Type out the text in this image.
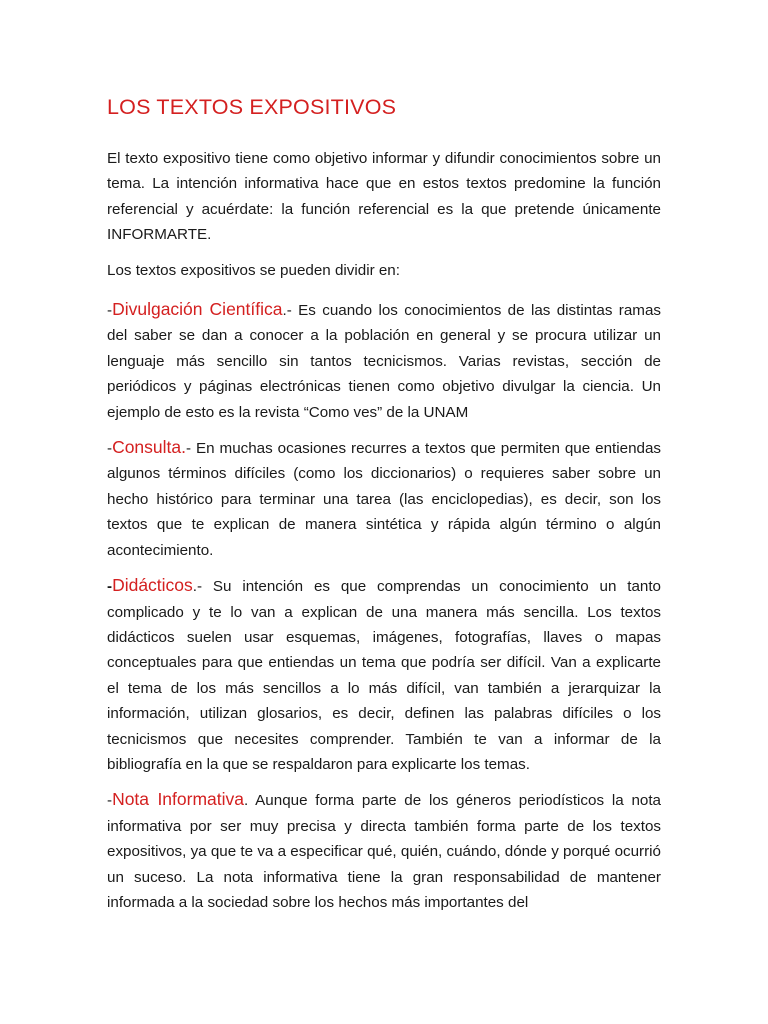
LOS TEXTOS EXPOSITIVOS

El texto expositivo tiene como objetivo informar y difundir conocimientos sobre un tema. La intención informativa hace que en estos textos predomine la función referencial y acuérdate: la función referencial es la que pretende únicamente INFORMARTE.

Los textos expositivos se pueden dividir en:

-Divulgación Científica.- Es cuando los conocimientos de las distintas ramas del saber se dan a conocer a la población en general y se procura utilizar un lenguaje más sencillo sin tantos tecnicismos. Varias revistas, sección de periódicos y páginas electrónicas tienen como objetivo divulgar la ciencia. Un ejemplo de esto es la revista “Como ves” de la UNAM

-Consulta.- En muchas ocasiones recurres a textos que permiten que entiendas algunos términos difíciles (como los diccionarios) o requieres saber sobre un hecho histórico para terminar una tarea (las enciclopedias), es decir, son los textos que te explican de manera sintética y rápida algún término o algún acontecimiento.

-Didácticos.- Su intención es que comprendas un conocimiento un tanto complicado y te lo van a explican de una manera más sencilla. Los textos didácticos suelen usar esquemas, imágenes, fotografías, llaves o mapas conceptuales para que entiendas un tema que podría ser difícil. Van a explicarte el tema de los más sencillos a lo más difícil, van también a jerarquizar la información, utilizan glosarios, es decir, definen las palabras difíciles o los tecnicismos que necesites comprender. También te van a informar de la bibliografía en la que se respaldaron para explicarte los temas.

-Nota Informativa. Aunque forma parte de los géneros periodísticos la nota informativa por ser muy precisa y directa también forma parte de los textos expositivos, ya que te va a especificar qué, quién, cuándo, dónde y porqué ocurrió un suceso. La nota informativa tiene la gran responsabilidad de mantener informada a la sociedad sobre los hechos más importantes del
